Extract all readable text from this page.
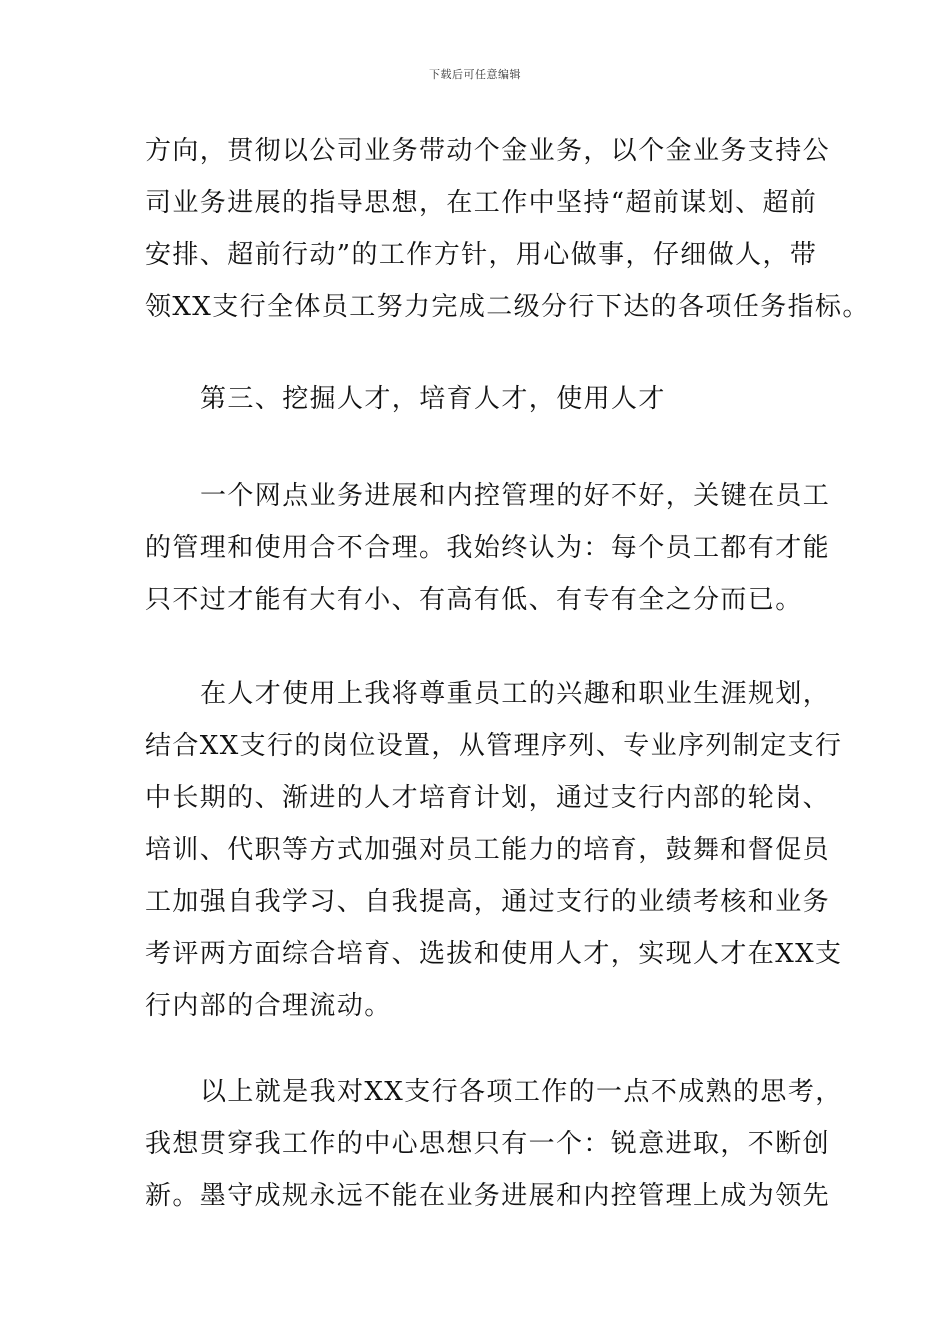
下载后可任意编辑
方向，贯彻以公司业务带动个金业务，以个金业务支持公
司业务进展的指导思想，在工作中坚持“超前谋划、超前
安排、超前行动”的工作方针，用心做事，仔细做人，带
领XX支行全体员工努力完成二级分行下达的各项任务指标。
第三、挖掘人才，培育人才，使用人才
一个网点业务进展和内控管理的好不好，关键在员工
的管理和使用合不合理。我始终认为：每个员工都有才能
只不过才能有大有小、有高有低、有专有全之分而已。
在人才使用上我将尊重员工的兴趣和职业生涯规划，
结合XX支行的岗位设置，从管理序列、专业序列制定支行
中长期的、渐进的人才培育计划，通过支行内部的轮岗、
培训、代职等方式加强对员工能力的培育，鼓舞和督促员
工加强自我学习、自我提高，通过支行的业绩考核和业务
考评两方面综合培育、选拔和使用人才，实现人才在XX支
行内部的合理流动。
以上就是我对XX支行各项工作的一点不成熟的思考，
我想贯穿我工作的中心思想只有一个：锐意进取，不断创
新。墨守成规永远不能在业务进展和内控管理上成为领先
